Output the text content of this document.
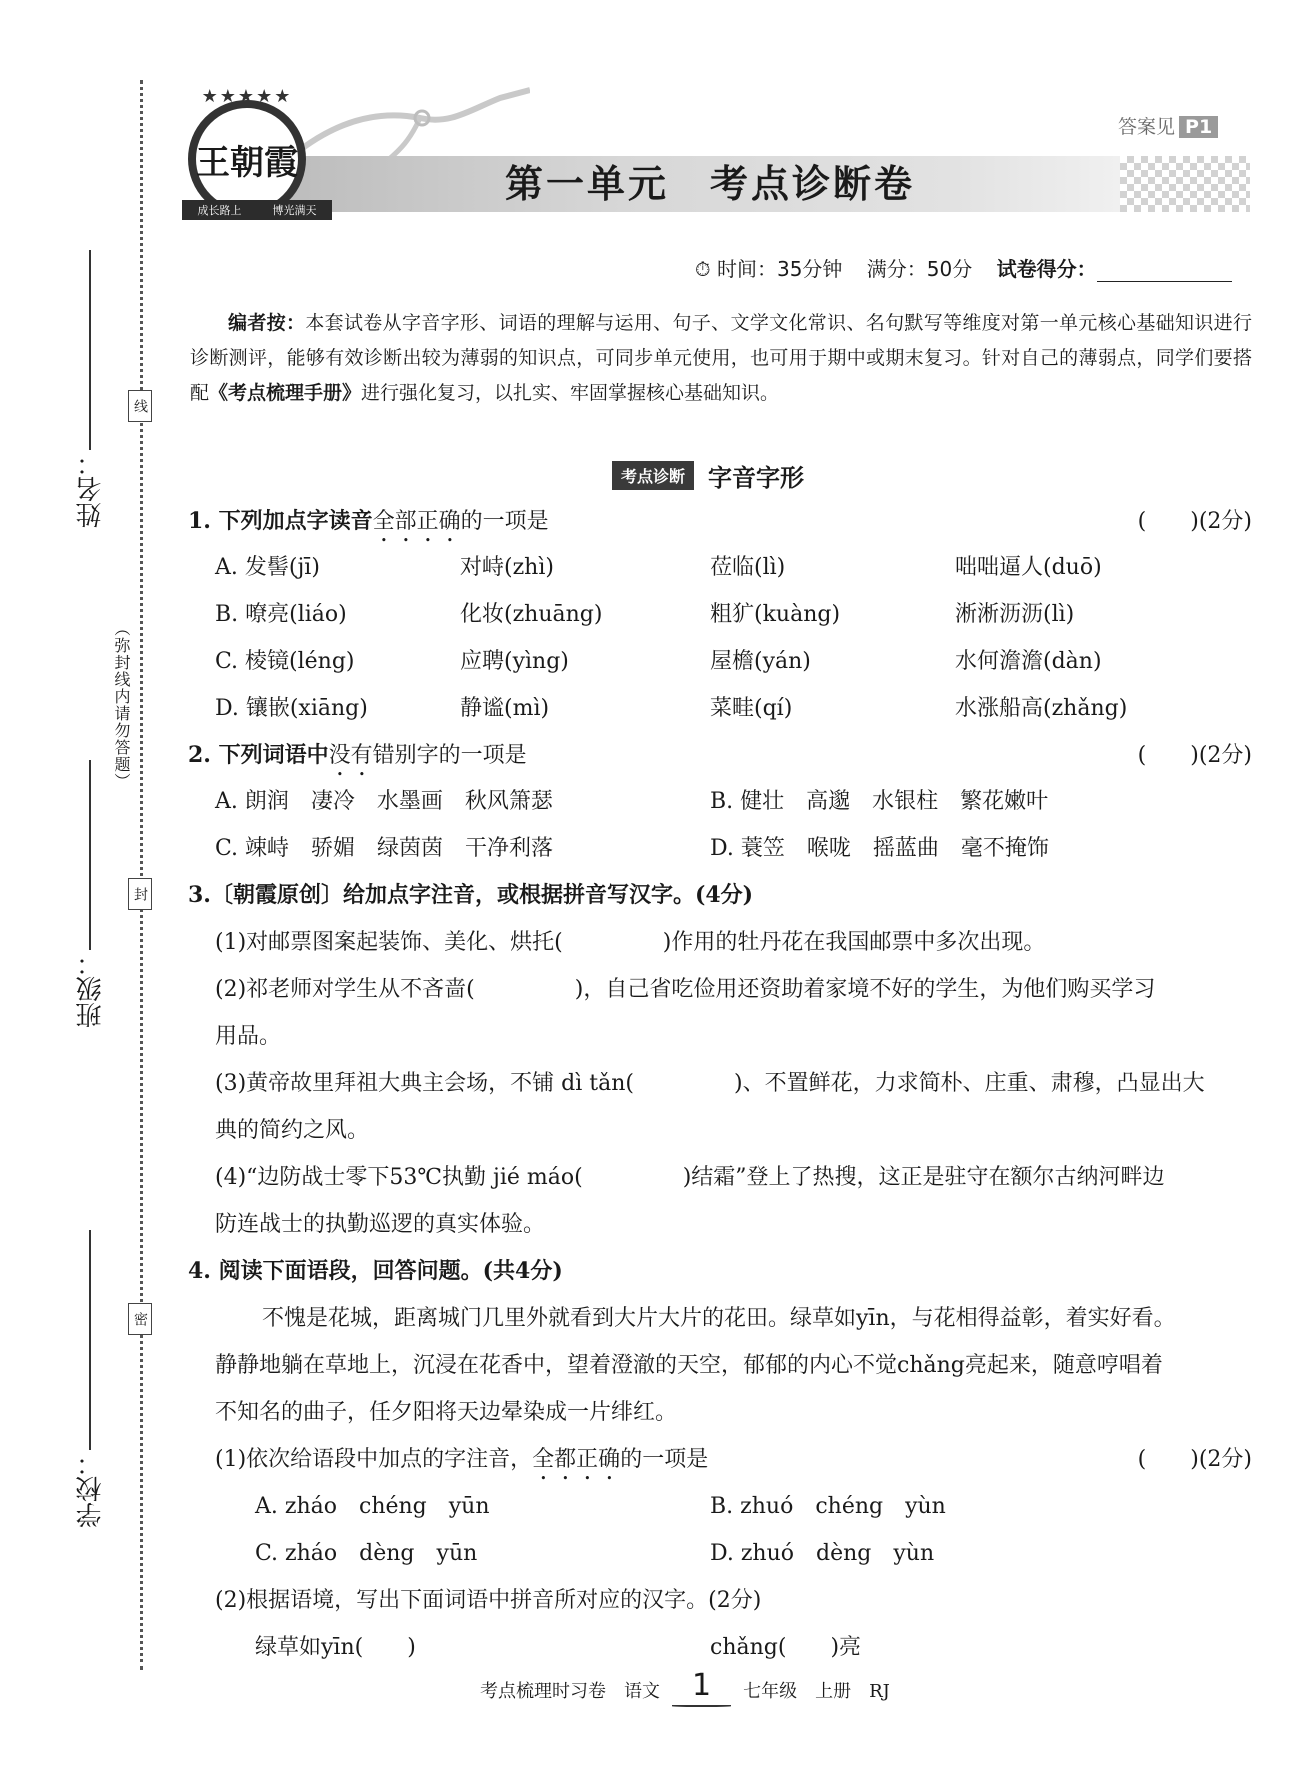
姓名：
班级：
学校：
线
封
密
（弥封线内请勿答题）
★★★★★
王朝霞
成长路上	博光满天
第一单元　考点诊断卷
答案见 P1
⏱ 时间：35分钟 满分：50分 试卷得分：
编者按：本套试卷从字音字形、词语的理解与运用、句子、文学文化常识、名句默写等维度对第一单元核心基础知识进行诊断测评，能够有效诊断出较为薄弱的知识点，可同步单元使用，也可用于期中或期末复习。针对自己的薄弱点，同学们要搭配《考点梳理手册》进行强化复习，以扎实、牢固掌握核心基础知识。
考点诊断 字音字形
1. 下列加点字读音全部正确的一项是	(　　)(2分)
A. 发髻(jī)	对峙(zhì)	莅临(lì)	咄咄逼人(duō)
B. 嘹亮(liáo)	化妆(zhuāng)	粗犷(kuàng)	淅淅沥沥(lì)
C. 棱镜(léng)	应聘(yìng)	屋檐(yán)	水何澹澹(dàn)
D. 镶嵌(xiāng)	静谧(mì)	菜畦(qí)	水涨船高(zhǎng)
2. 下列词语中没有错别字的一项是	(　　)(2分)
A. 朗润　凄冷　水墨画　秋风箫瑟	B. 健壮　高邈　水银柱　繁花嫩叶
C. 竦峙　骄媚　绿茵茵　干净利落	D. 蓑笠　喉咙　摇蓝曲　毫不掩饰
3.〔朝霞原创〕给加点字注音，或根据拼音写汉字。(4分)
(1)对邮票图案起装饰、美化、烘托(	)作用的牡丹花在我国邮票中多次出现。
(2)祁老师对学生从不吝啬(	)，自己省吃俭用还资助着家境不好的学生，为他们购买学习
用品。
(3)黄帝故里拜祖大典主会场，不铺 dì tǎn(	)、不置鲜花，力求简朴、庄重、肃穆，凸显出大
典的简约之风。
(4)“边防战士零下53℃执勤 jié máo(	)结霜”登上了热搜，这正是驻守在额尔古纳河畔边
防连战士的执勤巡逻的真实体验。
4. 阅读下面语段，回答问题。(共4分)
不愧是花城，距离城门几里外就看到大片大片的花田。绿草如yīn，与花相得益彰，着实好看。
静静地躺在草地上，沉浸在花香中，望着澄澈的天空，郁郁的内心不觉chǎng亮起来，随意哼唱着
不知名的曲子，任夕阳将天边晕染成一片绯红。
(1)依次给语段中加点的字注音，全都正确的一项是	(　　)(2分)
A. zháo　chéng　yūn	B. zhuó　chéng　yùn
C. zháo　dèng　yūn	D. zhuó　dèng　yùn
(2)根据语境，写出下面词语中拼音所对应的汉字。(2分)
绿草如yīn(　　)	chǎng(　　)亮
考点梳理时习卷　语文	1	七年级　上册　RJ
